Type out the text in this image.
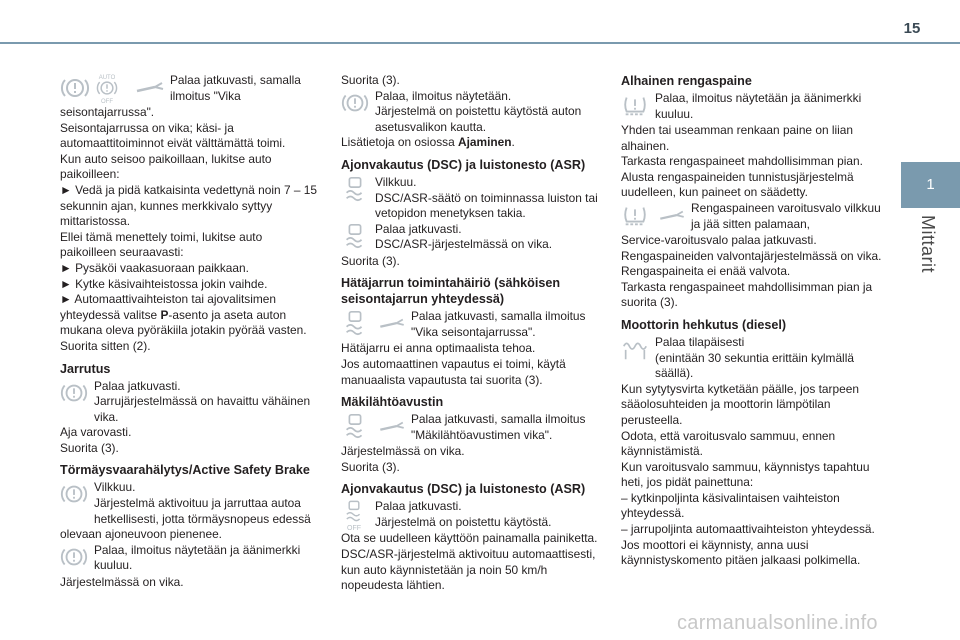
15
1
Mittarit
AUTO
OFF

Palaa jatkuvasti, samalla ilmoitus "Vika

seisontajarrussa".

Seisontajarrussa on vika; käsi- ja automaattitoiminnot eivät välttämättä toimi.

Kun auto seisoo paikoillaan, lukitse auto paikoilleen:

► Vedä ja pidä katkaisinta vedettynä noin 7 – 15 sekunnin ajan, kunnes merkkivalo syttyy mittaristossa.

Ellei tämä menettely toimi, lukitse auto paikoilleen seuraavasti:

► Pysäköi vaakasuoraan paikkaan.

► Kytke käsivaihteistossa jokin vaihde.

► Automaattivaihteiston tai ajovalitsimen yhteydessä valitse P-asento ja aseta auton mukana oleva pyöräkiila jotakin pyörää vasten.

Suorita sitten (2).

Jarrutus

Palaa jatkuvasti.

Jarrujärjestelmässä on havaittu vähäinen vika.

Aja varovasti.

Suorita (3).

Törmäysvaarahälytys/Active Safety Brake

Vilkkuu.

Järjestelmä aktivoituu ja jarruttaa autoa hetkellisesti, jotta törmäysnopeus edessä olevaan ajoneuvoon pienenee.

Palaa, ilmoitus näytetään ja äänimerkki kuuluu.

Järjestelmässä on vika.

Suorita (3).

Palaa, ilmoitus näytetään.

Järjestelmä on poistettu käytöstä auton asetusvalikon kautta.

Lisätietoja on osiossa Ajaminen.

Ajonvakautus (DSC) ja luistonesto (ASR)

Vilkkuu.

DSC/ASR-säätö on toiminnassa luiston tai vetopidon menetyksen takia.

Palaa jatkuvasti.

DSC/ASR-järjestelmässä on vika.

Suorita (3).

Hätäjarrun toimintahäiriö (sähköisen seisontajarrun yhteydessä)

Palaa jatkuvasti, samalla ilmoitus "Vika seisontajarrussa".

Hätäjarru ei anna optimaalista tehoa.

Jos automaattinen vapautus ei toimi, käytä manuaalista vapautusta tai suorita (3).

Mäkilähtöavustin

Palaa jatkuvasti, samalla ilmoitus "Mäkilähtöavustimen vika".

Järjestelmässä on vika.

Suorita (3).

Ajonvakautus (DSC) ja luistonesto (ASR)
OFF

Palaa jatkuvasti.

Järjestelmä on poistettu käytöstä.

Ota se uudelleen käyttöön painamalla painiketta.

DSC/ASR-järjestelmä aktivoituu automaattisesti, kun auto käynnistetään ja noin 50 km/h nopeudesta lähtien.

Alhainen rengaspaine

Palaa, ilmoitus näytetään ja äänimerkki kuuluu.

Yhden tai useamman renkaan paine on liian alhainen.

Tarkasta rengaspaineet mahdollisimman pian.

Alusta rengaspaineiden tunnistusjärjestelmä uudelleen, kun paineet on säädetty.

Rengaspaineen varoitusvalo vilkkuu ja jää sitten palamaan,

Service-varoitusvalo palaa jatkuvasti.

Rengaspaineiden valvontajärjestelmässä on vika.

Rengaspaineita ei enää valvota.

Tarkasta rengaspaineet mahdollisimman pian ja suorita (3).

Moottorin hehkutus (diesel)

Palaa tilapäisesti

(enintään 30 sekuntia erittäin kylmällä säällä).

Kun sytytysvirta kytketään päälle, jos tarpeen sääolosuhteiden ja moottorin lämpötilan perusteella.

Odota, että varoitusvalo sammuu, ennen käynnistämistä.

Kun varoitusvalo sammuu, käynnistys tapahtuu heti, jos pidät painettuna:

– kytkinpoljinta käsivalintaisen vaihteiston yhteydessä.

– jarrupoljinta automaattivaihteiston yhteydessä.

Jos moottori ei käynnisty, anna uusi käynnistyskomento pitäen jalkaasi polkimella.

carmanualsonline.info
